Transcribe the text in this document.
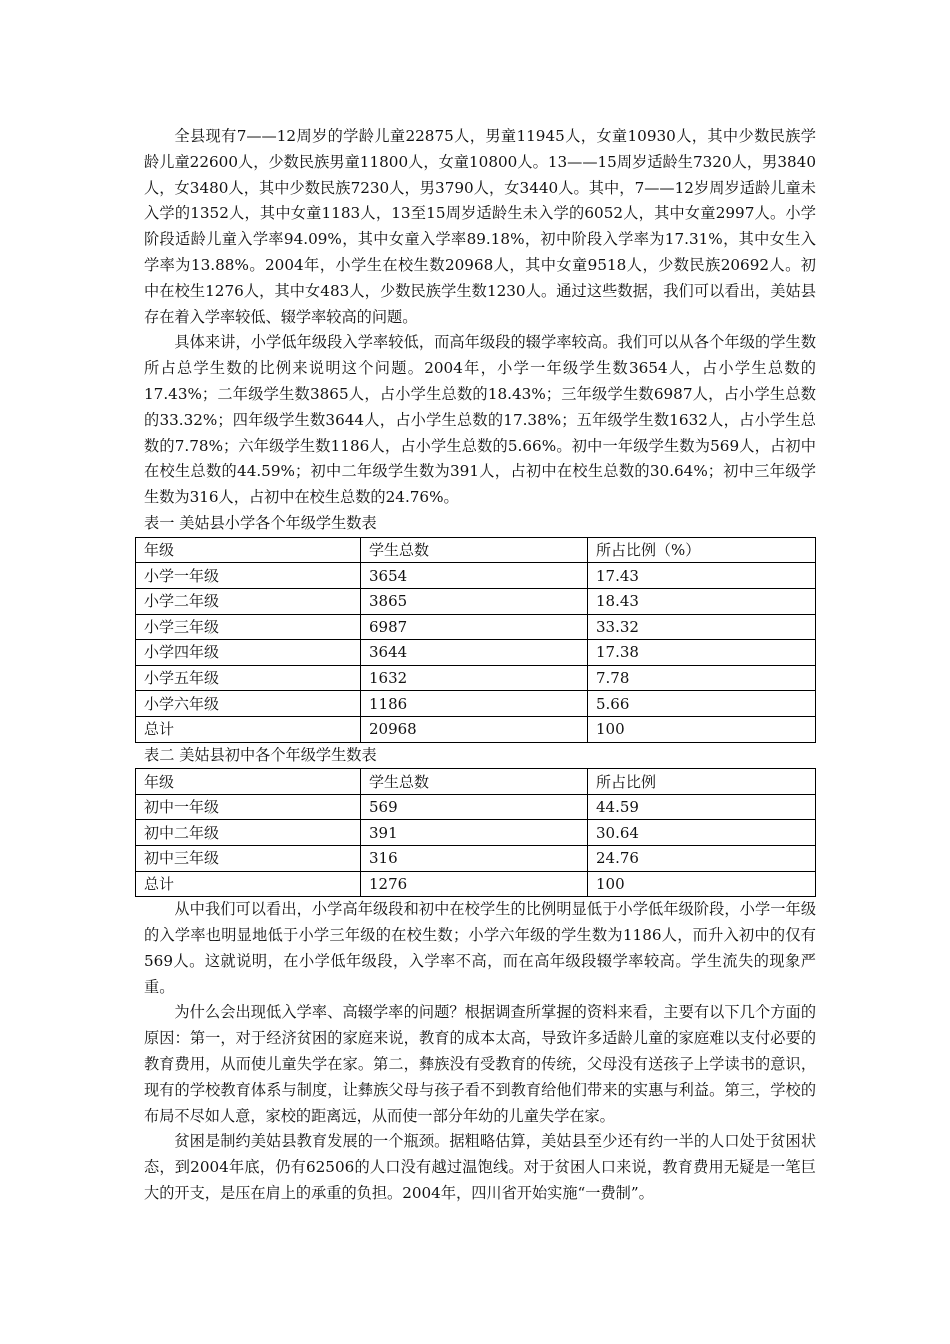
全县现有7——12周岁的学龄儿童22875人，男童11945人，女童10930人，其中少数民族学龄儿童22600人，少数民族男童11800人，女童10800人。13——15周岁适龄生7320人，男3840人，女3480人，其中少数民族7230人，男3790人，女3440人。其中，7——12岁周岁适龄儿童未入学的1352人，其中女童1183人，13至15周岁适龄生未入学的6052人，其中女童2997人。小学阶段适龄儿童入学率94.09%，其中女童入学率89.18%，初中阶段入学率为17.31%，其中女生入学率为13.88%。2004年，小学生在校生数20968人，其中女童9518人，少数民族20692人。初中在校生1276人，其中女483人，少数民族学生数1230人。通过这些数据，我们可以看出，美姑县存在着入学率较低、辍学率较高的问题。

具体来讲，小学低年级段入学率较低，而高年级段的辍学率较高。我们可以从各个年级的学生数所占总学生数的比例来说明这个问题。2004年，小学一年级学生数3654人，占小学生总数的17.43%；二年级学生数3865人，占小学生总数的18.43%；三年级学生数6987人，占小学生总数的33.32%；四年级学生数3644人，占小学生总数的17.38%；五年级学生数1632人，占小学生总数的7.78%；六年级学生数1186人，占小学生总数的5.66%。初中一年级学生数为569人，占初中在校生总数的44.59%；初中二年级学生数为391人，占初中在校生总数的30.64%；初中三年级学生数为316人，占初中在校生总数的24.76%。

表一 美姑县小学各个年级学生数表
年级	学生总数	所占比例（%）
小学一年级	3654	17.43
小学二年级	3865	18.43
小学三年级	6987	33.32
小学四年级	3644	17.38
小学五年级	1632	7.78
小学六年级	1186	5.66
总计	20968	100
表二 美姑县初中各个年级学生数表
年级	学生总数	所占比例
初中一年级	569	44.59
初中二年级	391	30.64
初中三年级	316	24.76
总计	1276	100

从中我们可以看出，小学高年级段和初中在校学生的比例明显低于小学低年级阶段，小学一年级的入学率也明显地低于小学三年级的在校生数；小学六年级的学生数为1186人，而升入初中的仅有569人。这就说明，在小学低年级段，入学率不高，而在高年级段辍学率较高。学生流失的现象严重。

为什么会出现低入学率、高辍学率的问题？根据调查所掌握的资料来看，主要有以下几个方面的原因：第一，对于经济贫困的家庭来说，教育的成本太高，导致许多适龄儿童的家庭难以支付必要的教育费用，从而使儿童失学在家。第二，彝族没有受教育的传统，父母没有送孩子上学读书的意识，现有的学校教育体系与制度，让彝族父母与孩子看不到教育给他们带来的实惠与利益。第三，学校的布局不尽如人意，家校的距离远，从而使一部分年幼的儿童失学在家。

贫困是制约美姑县教育发展的一个瓶颈。据粗略估算，美姑县至少还有约一半的人口处于贫困状态，到2004年底，仍有62506的人口没有越过温饱线。对于贫困人口来说，教育费用无疑是一笔巨大的开支，是压在肩上的承重的负担。2004年，四川省开始实施“一费制”。
